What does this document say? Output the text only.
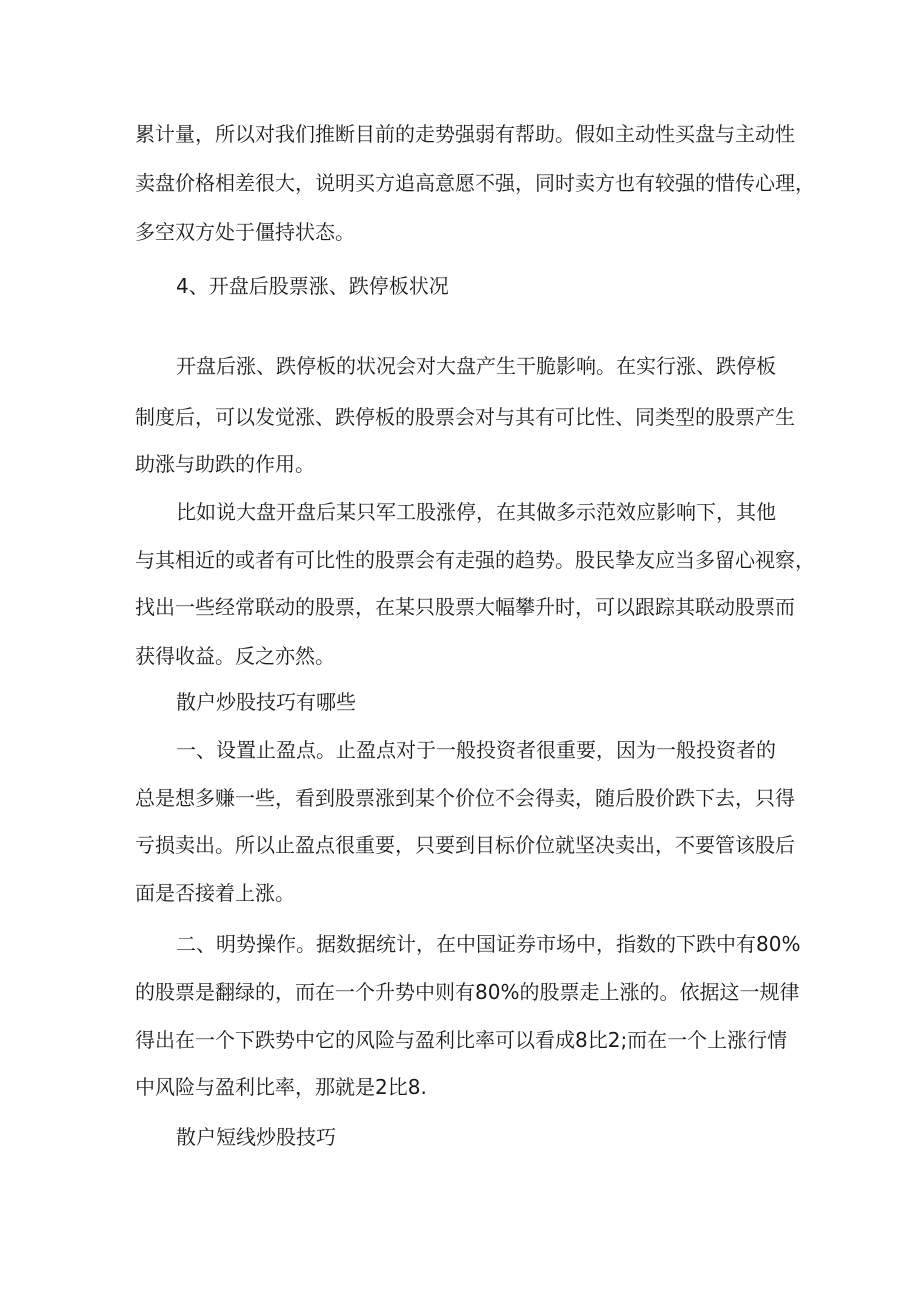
累计量，所以对我们推断目前的走势强弱有帮助。假如主动性买盘与主动性

卖盘价格相差很大，说明买方追高意愿不强，同时卖方也有较强的惜传心理，

多空双方处于僵持状态。

4、开盘后股票涨、跌停板状况

开盘后涨、跌停板的状况会对大盘产生干脆影响。在实行涨、跌停板

制度后，可以发觉涨、跌停板的股票会对与其有可比性、同类型的股票产生

助涨与助跌的作用。

比如说大盘开盘后某只军工股涨停，在其做多示范效应影响下，其他

与其相近的或者有可比性的股票会有走强的趋势。股民挚友应当多留心视察，

找出一些经常联动的股票，在某只股票大幅攀升时，可以跟踪其联动股票而

获得收益。反之亦然。

散户炒股技巧有哪些

一、设置止盈点。止盈点对于一般投资者很重要，因为一般投资者的

总是想多赚一些，看到股票涨到某个价位不会得卖，随后股价跌下去，只得

亏损卖出。所以止盈点很重要，只要到目标价位就坚决卖出，不要管该股后

面是否接着上涨。

二、明势操作。据数据统计，在中国证券市场中，指数的下跌中有80%

的股票是翻绿的，而在一个升势中则有80%的股票走上涨的。依据这一规律

得出在一个下跌势中它的风险与盈利比率可以看成8比2;而在一个上涨行情

中风险与盈利比率，那就是2比8.

散户短线炒股技巧
